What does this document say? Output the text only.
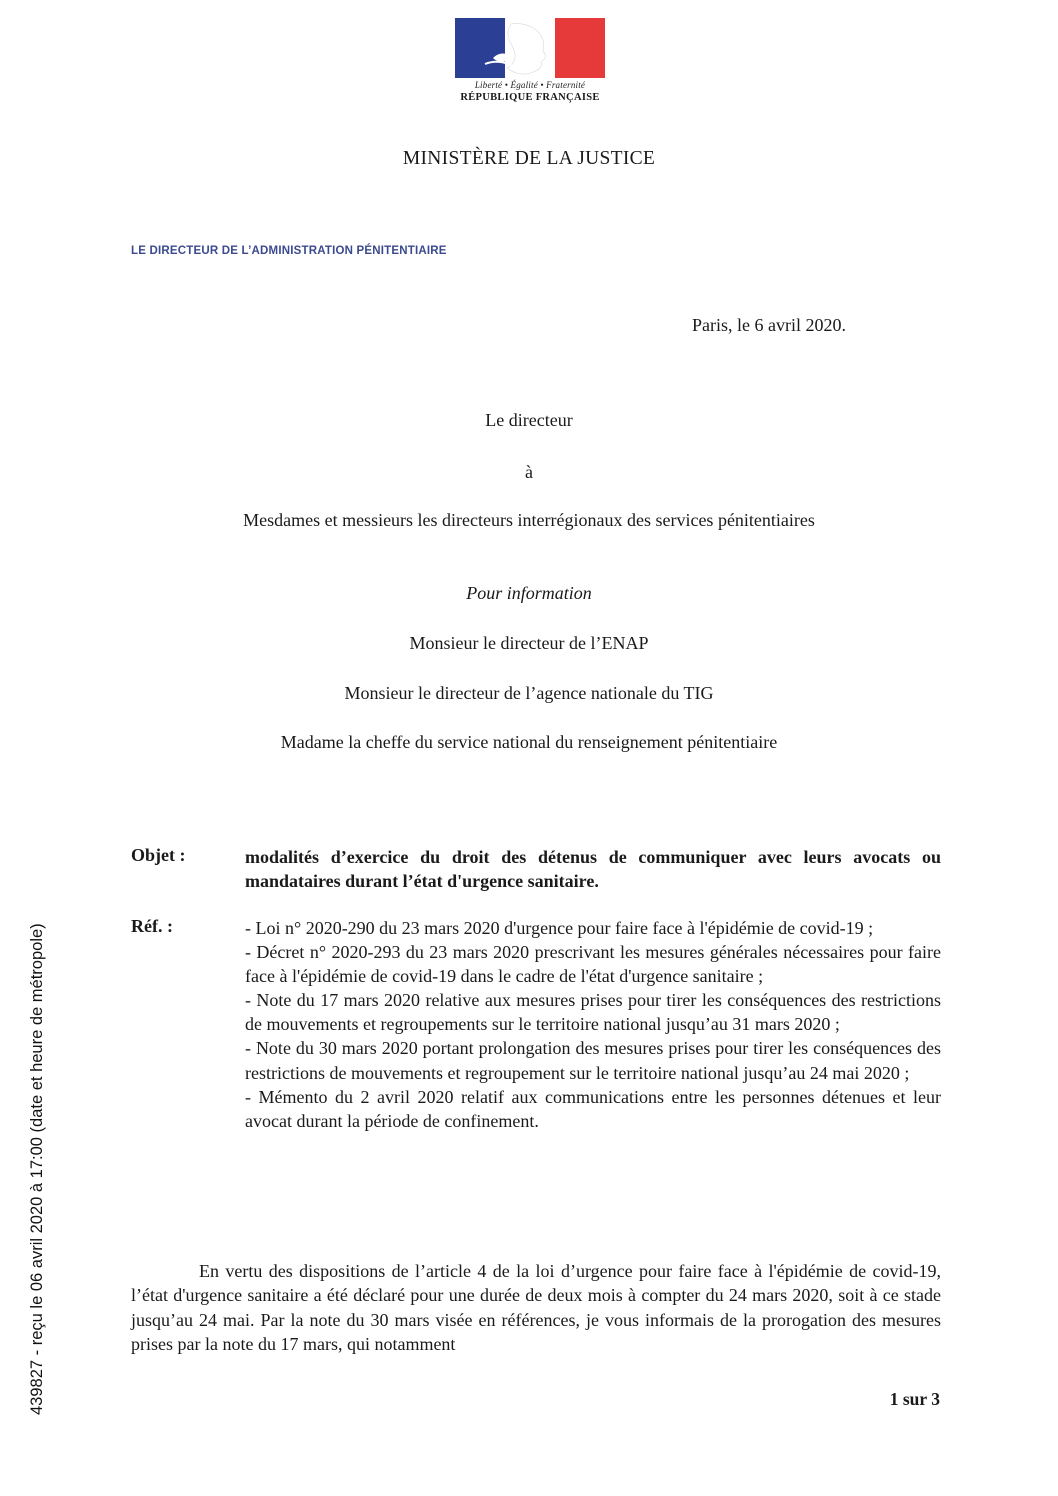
Liberté • Égalité • Fraternité
RÉPUBLIQUE FRANÇAISE
MINISTÈRE DE LA JUSTICE
LE DIRECTEUR DE L’ADMINISTRATION PÉNITENTIAIRE
Paris, le 6 avril 2020.
Le directeur
à
Mesdames et messieurs les directeurs interrégionaux des services pénitentiaires
Pour information
Monsieur le directeur de l’ENAP
Monsieur le directeur de l’agence nationale du TIG
Madame la cheffe du service national du renseignement pénitentiaire
Objet :	modalités d’exercice du droit des détenus de communiquer avec leurs avocats ou mandataires durant l’état d'urgence sanitaire.
Réf. :	- Loi n° 2020-290 du 23 mars 2020 d'urgence pour faire face à l'épidémie de covid-19 ;

- Décret n° 2020-293 du 23 mars 2020 prescrivant les mesures générales nécessaires pour faire face à l'épidémie de covid-19 dans le cadre de l'état d'urgence sanitaire ;

- Note du 17 mars 2020 relative aux mesures prises pour tirer les conséquences des restrictions de mouvements et regroupements sur le territoire national jusqu’au 31 mars 2020 ;

- Note du 30 mars 2020 portant prolongation des mesures prises pour tirer les conséquences des restrictions de mouvements et regroupement sur le territoire national jusqu’au 24 mai 2020 ;

- Mémento du 2 avril 2020 relatif aux communications entre les personnes détenues et leur avocat durant la période de confinement.

En vertu des dispositions de l’article 4 de la loi d’urgence pour faire face à l'épidémie de covid-19, l’état d'urgence sanitaire a été déclaré pour une durée de deux mois à compter du 24 mars 2020, soit à ce stade jusqu’au 24 mai. Par la note du 30 mars visée en références, je vous informais de la prorogation des mesures prises par la note du 17 mars, qui notamment
1 sur 3
439827 - reçu le 06 avril 2020 à 17:00 (date et heure de métropole)
